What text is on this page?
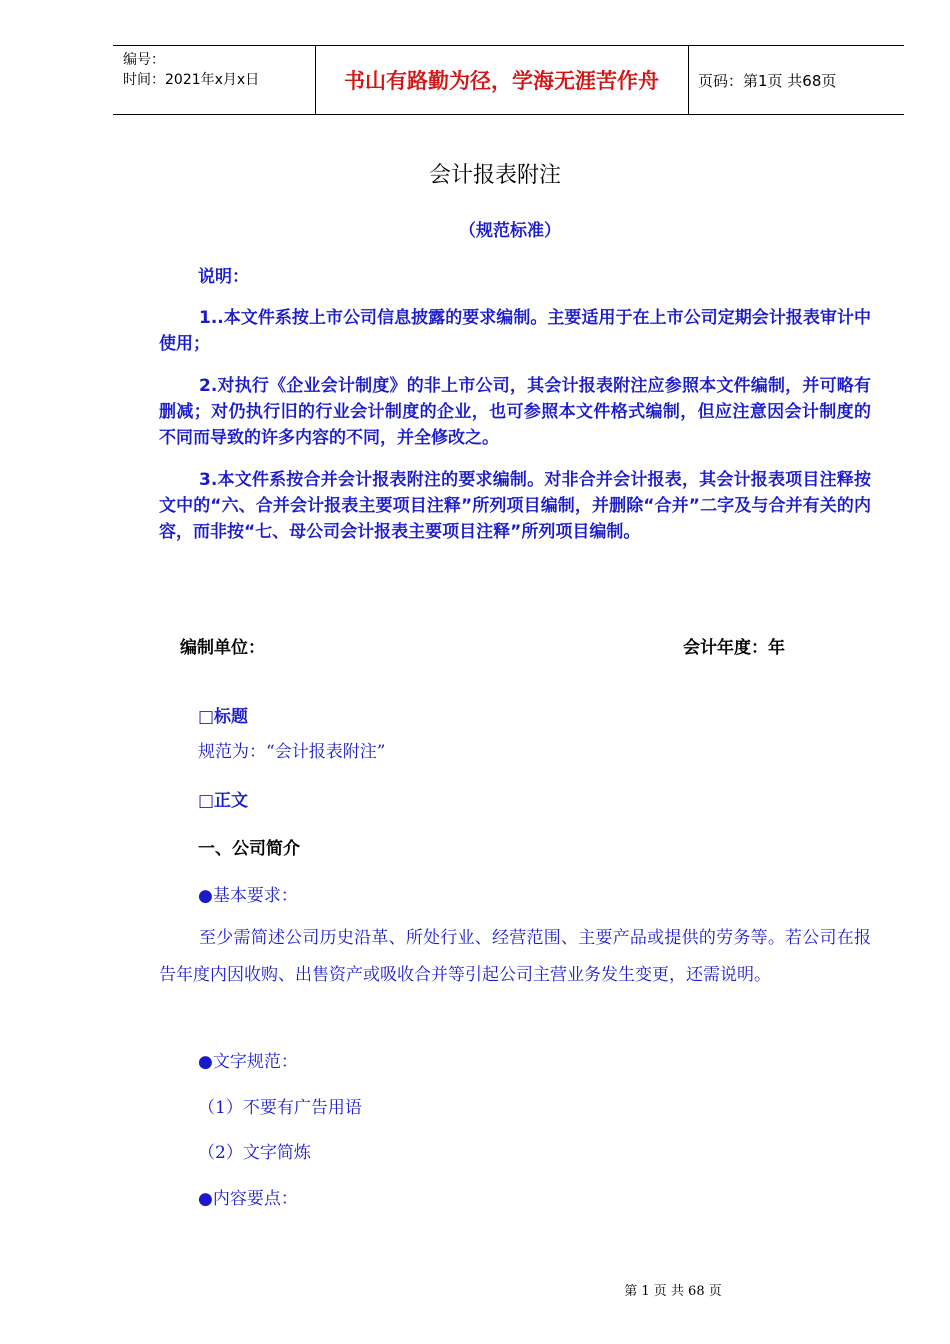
编号：
时间：2021年x月x日	书山有路勤为径，学海无涯苦作舟	页码：第1页 共68页
会计报表附注
（规范标准）
说明：
1..本文件系按上市公司信息披露的要求编制。主要适用于在上市公司定期会计报表审计中使用；
2.对执行《企业会计制度》的非上市公司，其会计报表附注应参照本文件编制，并可略有删减；对仍执行旧的行业会计制度的企业，也可参照本文件格式编制，但应注意因会计制度的不同而导致的许多内容的不同，并全修改之。
3.本文件系按合并会计报表附注的要求编制。对非合并会计报表，其会计报表项目注释按文中的“六、合并会计报表主要项目注释”所列项目编制，并删除“合并”二字及与合并有关的内容，而非按“七、母公司会计报表主要项目注释”所列项目编制。
编制单位：	会计年度：年
□标题
规范为：“会计报表附注”
□正文
一、公司简介
●基本要求：
至少需简述公司历史沿革、所处行业、经营范围、主要产品或提供的劳务等。若公司在报告年度内因收购、出售资产或吸收合并等引起公司主营业务发生变更，还需说明。
●文字规范：
（1）不要有广告用语
（2）文字简炼
●内容要点：
第 1 页 共 68 页
